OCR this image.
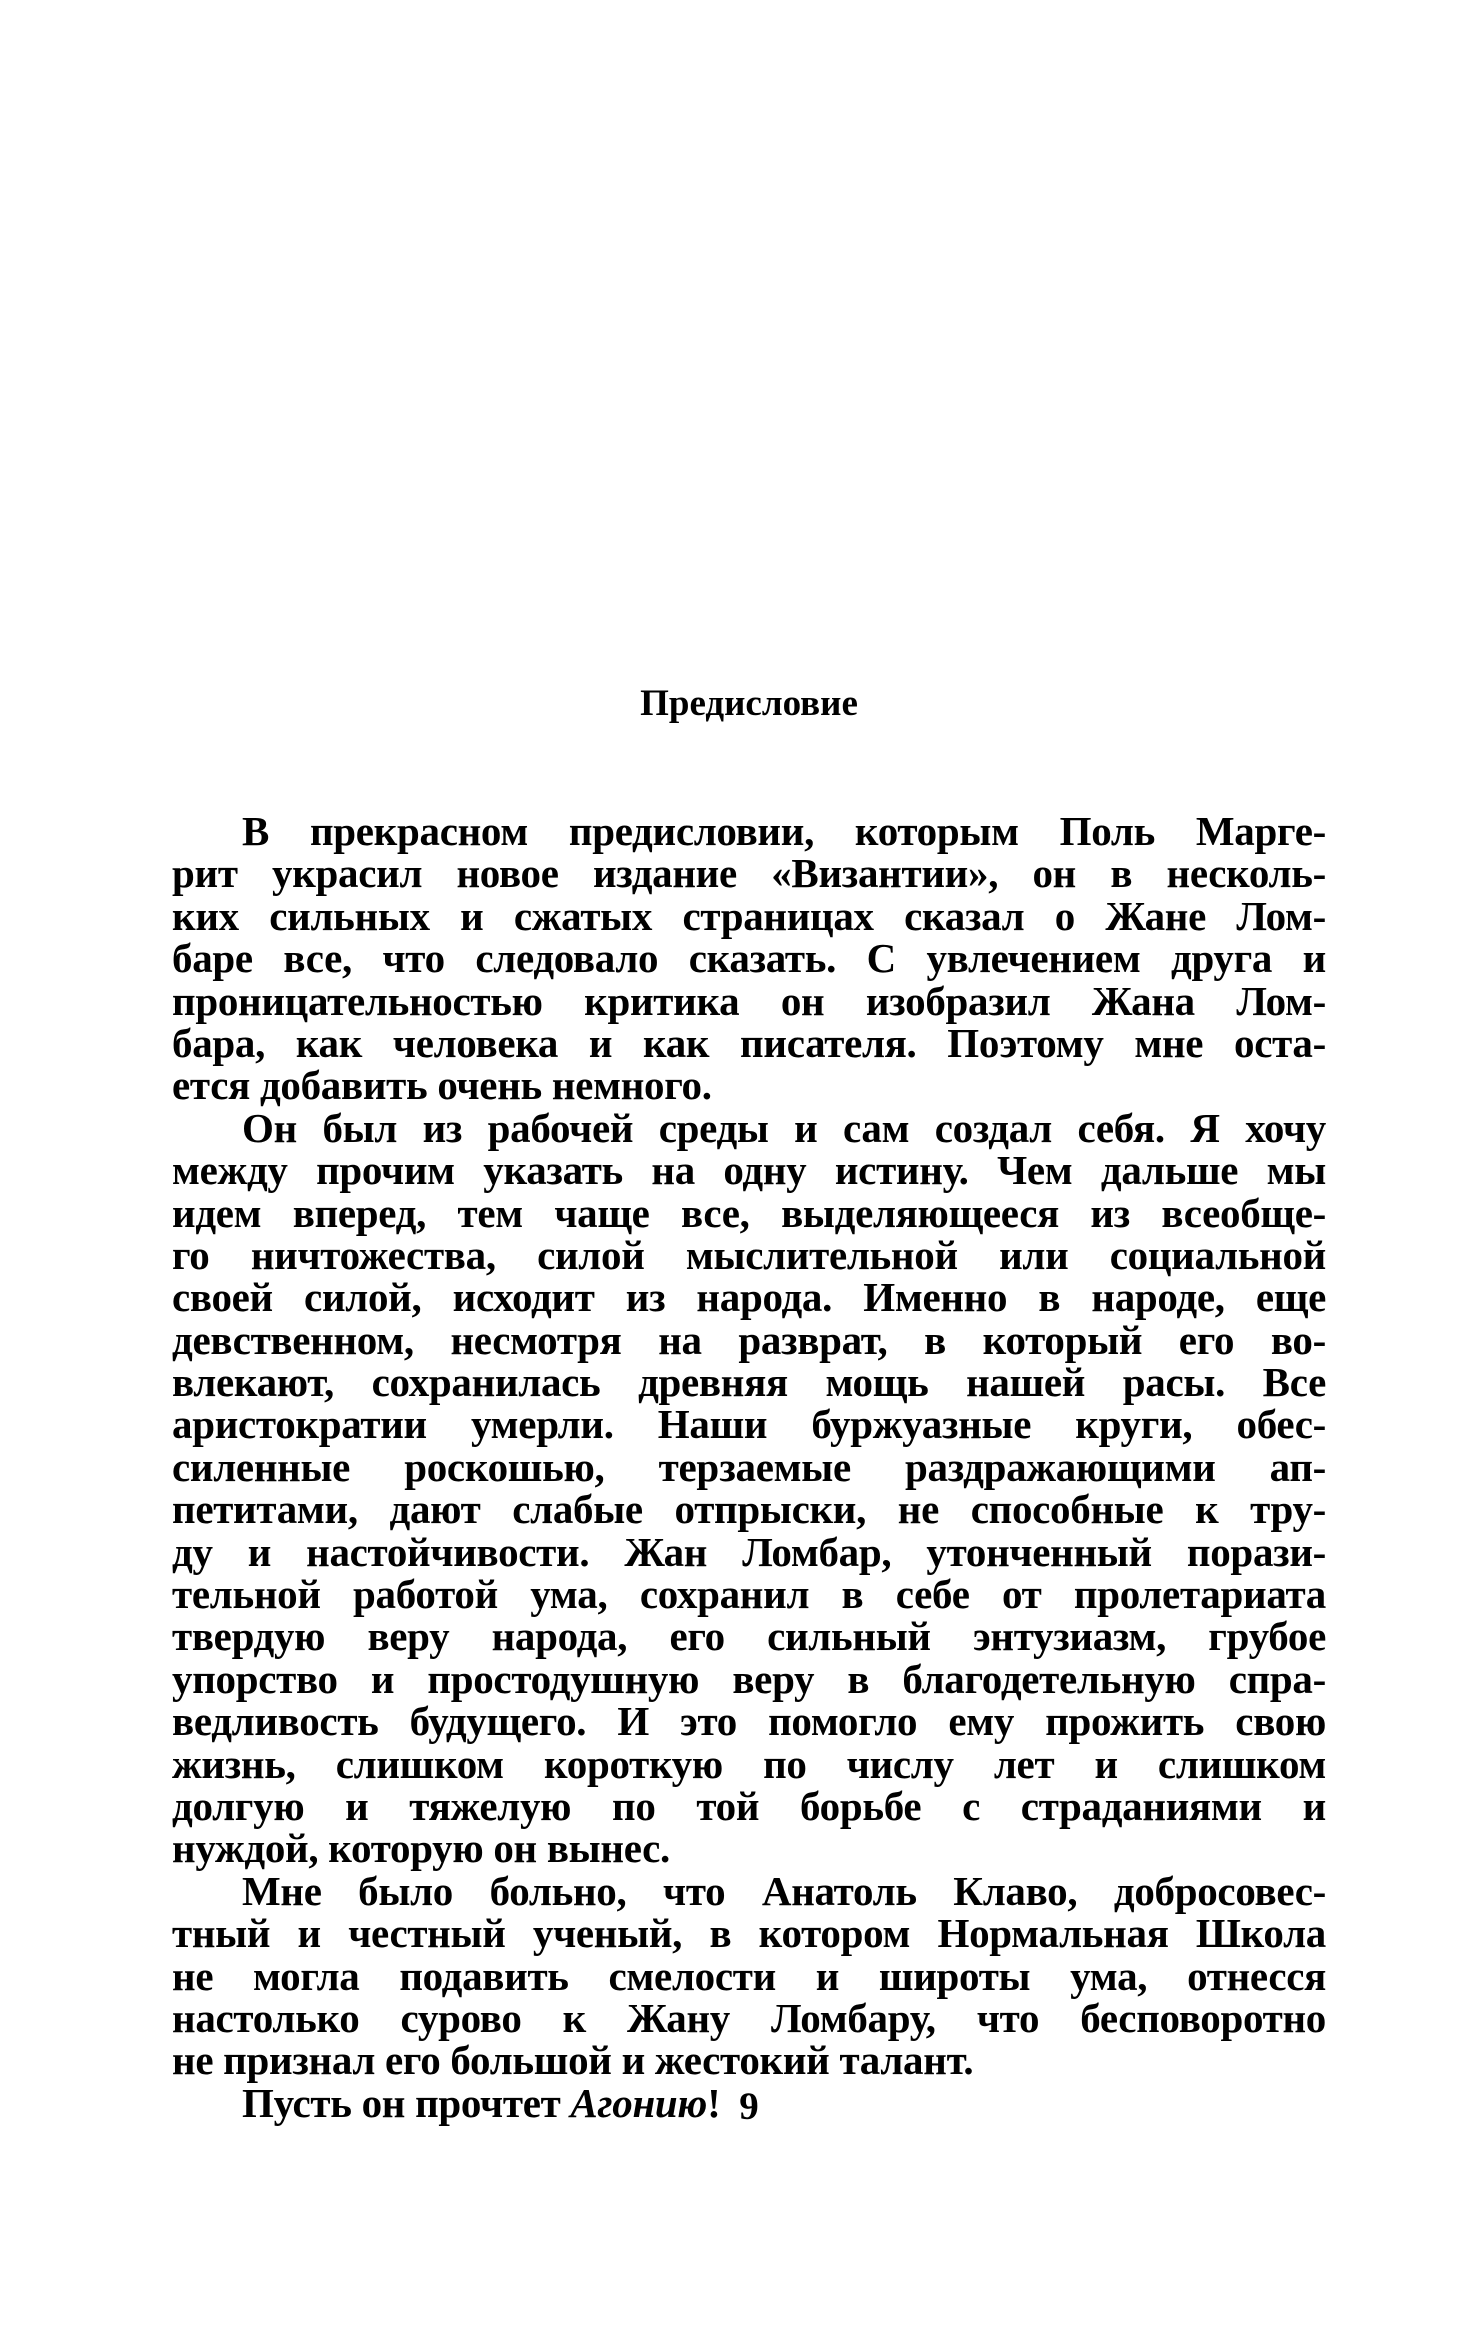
Предисловие
В прекрасном предисловии, которым Поль Марге-
рит украсил новое издание «Византии», он в несколь-
ких сильных и сжатых страницах сказал о Жане Лом-
баре все, что следовало сказать. С увлечением друга и
проницательностью критика он изобразил Жана Лом-
бара, как человека и как писателя. Поэтому мне оста-
ется добавить очень немного.
Он был из рабочей среды и сам создал себя. Я хочу
между прочим указать на одну истину. Чем дальше мы
идем вперед, тем чаще все, выделяющееся из всеобще-
го ничтожества, силой мыслительной или социальной
своей силой, исходит из народа. Именно в народе, еще
девственном, несмотря на разврат, в который его во-
влекают, сохранилась древняя мощь нашей расы. Все
аристократии умерли. Наши буржуазные круги, обес-
силенные роскошью, терзаемые раздражающими ап-
петитами, дают слабые отпрыски, не способные к тру-
ду и настойчивости. Жан Ломбар, утонченный порази-
тельной работой ума, сохранил в себе от пролетариата
твердую веру народа, его сильный энтузиазм, грубое
упорство и простодушную веру в благодетельную спра-
ведливость будущего. И это помогло ему прожить свою
жизнь, слишком короткую по числу лет и слишком
долгую и тяжелую по той борьбе с страданиями и
нуждой, которую он вынес.
Мне было больно, что Анатоль Клаво, добросовес-
тный и честный ученый, в котором Нормальная Школа
не могла подавить смелости и широты ума, отнесся
настолько сурово к Жану Ломбару, что бесповоротно
не признал его большой и жестокий талант.
Пусть он прочтет Агонию! 9
